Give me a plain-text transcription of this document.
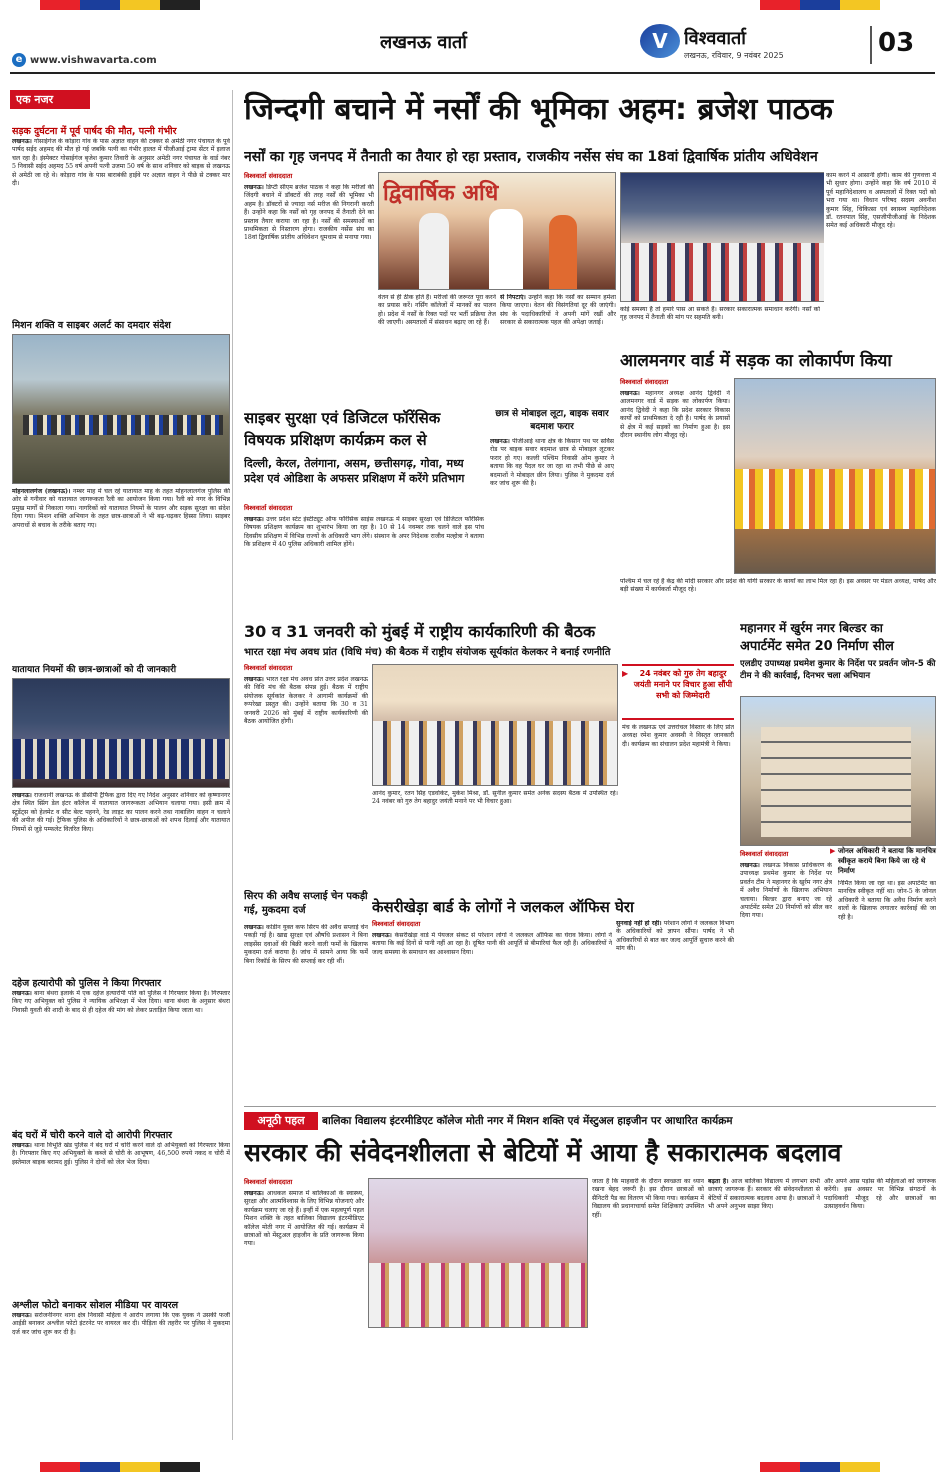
e www.vishwavarta.com
लखनऊ वार्ता	V विश्ववार्ता
लखनऊ, रविवार, 9 नवंबर 2025	03
एक नजर
सड़क दुर्घटना में पूर्व पार्षद की मौत, पत्नी गंभीर
लखनऊ। गोसाईगंज के कोड़ारा गांव के पास अज्ञात वाहन की टक्कर से अमेठी नगर पंचायत के पूर्व पार्षद सईद अहमद की मौत हो गई जबकि पत्नी का गंभीर हालत में पीजीआई ट्रामा सेंटर में इलाज चल रहा है। इंस्पेक्टर गोसाईगंज बृजेश कुमार तिवारी के अनुसार अमेठी नगर पंचायत के वार्ड नंबर 5 निवासी सईद अहमद 55 वर्ष अपनी पत्नी उजमा 50 वर्ष के साथ शनिवार को बाइक से लखनऊ से अमेठी जा रहे थे। कोड़ारा गांव के पास बाराबंकी हाईवे पर अज्ञात वाहन ने पीछे से टक्कर मार दी।
मिशन शक्ति व साइबर अलर्ट का दमदार संदेश
मोहनलालगंज (लखनऊ)। नम्बर माह में चल रहे यातायात माह के तहत मोहनलालगंज पुलिस की ओर से गनीवार को यातायात जागरूकता रैली का आयोजन किया गया। रैली को नगर के विभिन्न प्रमुख मार्गों से निकाला गया। नागरिकों को यातायात नियमों के पालन और सड़क सुरक्षा का संदेश दिया गया। मिशन शक्ति अभियान के तहत छात्र-छात्राओं ने भी बढ़-चढ़कर हिस्सा लिया। साइबर अपराधों से बचाव के तरीके बताए गए।
यातायात नियमों की छात्र-छात्राओं को दी जानकारी
लखनऊ। राजधानी लखनऊ के डीसीपी ट्रैफिक द्वारा दिए गए निर्देश अनुसार शनिवार को कृष्णानगर क्षेत्र स्थित स्प्रिंग डेल इंटर कॉलेज में यातायात जागरूकता अभियान चलाया गया। इसी क्रम में स्टूडेंट्स को हेलमेट व सीट बेल्ट पहनने, रेड लाइट का पालन करने तथा नाबालिग वाहन न चलाने की अपील की गई। ट्रैफिक पुलिस के अधिकारियों ने छात्र-छात्राओं को शपथ दिलाई और यातायात नियमों से जुड़े पम्फलेट वितरित किए।
दहेज हत्यारोपी को पुलिस ने किया गिरफ्तार
लखनऊ। बाना बंथरा इलाके में एक दहेज हत्यारोपी पति को पुलिस ने गिरफ्तार किया है। गिरफ्तार किए गए अभियुक्त को पुलिस ने न्यायिक अभिरक्षा में भेज दिया। थाना बंथरा के अनुसार बंथरा निवासी युवती की शादी के बाद से ही दहेज की मांग को लेकर प्रताड़ित किया जाता था।
बंद घरों में चोरी करने वाले दो आरोपी गिरफ्तार
लखनऊ। थाना विभूति खंड पुलिस ने बंद घरों में चोरी करने वाले दो अभियुक्तों को गिरफ्तार किया है। गिरफ्तार किए गए अभियुक्तों के कब्जे से चोरी के आभूषण, 46,500 रुपये नकद व चोरी में इस्तेमाल बाइक बरामद हुई। पुलिस ने दोनों को जेल भेज दिया।
अश्लील फोटो बनाकर सोशल मीडिया पर वायरल
लखनऊ। सरोजनीनगर थाना क्षेत्र निवासी महिला ने आरोप लगाया कि एक युवक ने उसकी फर्जी आईडी बनाकर अश्लील फोटो इंटरनेट पर वायरल कर दी। पीड़िता की तहरीर पर पुलिस ने मुकदमा दर्ज कर जांच शुरू कर दी है।
जिन्दगी बचाने में नर्सों की भूमिका अहम: ब्रजेश पाठक
नर्सों का गृह जनपद में तैनाती का तैयार हो रहा प्रस्ताव, राजकीय नर्सेस संघ का 18वां द्विवार्षिक प्रांतीय अधिवेशन
विश्ववार्ता संवाददाता
लखनऊ। डिप्टी सीएम ब्रजेश पाठक ने कहा कि मरीजों की जिंदगी बचाने में डॉक्टरों की तरह नर्सों की भूमिका भी अहम है। डॉक्टरों से ज्यादा नर्स मरीज की निगरानी करती हैं। उन्होंने कहा कि नर्सों को गृह जनपद में तैनाती देने का प्रस्ताव तैयार कराया जा रहा है। नर्सों की समस्याओं का प्राथमिकता से निस्तारण होगा। राजकीय नर्सेस संघ का 18वां द्विवार्षिक प्रांतीय अधिवेशन धूमधाम से मनाया गया।
द्विवार्षिक अधि
वेतन से ही ठीक होते हैं। मरीजों की जरूरत पूरा करने का प्रयास करें। नर्सिंग कॉलेजों में मानकों का पालन हो। प्रदेश में नर्सों के रिक्त पदों पर भर्ती प्रक्रिया तेज की जाएगी। अस्पतालों में संसाधन बढ़ाए जा रहे हैं।
से निपटाएं। उन्होंने कहा कि नर्सों का सम्मान हमेशा किया जाएगा। वेतन की विसंगतियां दूर की जाएंगी। संघ के पदाधिकारियों ने अपनी मांगें रखीं और सरकार से सकारात्मक पहल की अपेक्षा जताई।
कोई समस्या है तो हमारे पास आ सकते हैं। सरकार सकारात्मक समाधान करेगी। नर्सों को गृह जनपद में तैनाती की मांग पर सहमति बनी।
काम करने में आसानी होगी। काम की गुणवत्ता में भी सुधार होगा। उन्होंने कहा कि वर्ष 2010 में पूर्व महानिदेशालय व अस्पतालों में रिक्त पदों को भरा गया था। विधान परिषद सदस्य अवनीश कुमार सिंह, चिकित्सा एवं स्वास्थ्य महानिदेशक डॉ. रतनपाल सिंह, एसजीपीजीआई के निदेशक समेत कई अधिकारी मौजूद रहे।
साइबर सुरक्षा एवं डिजिटल फॉरेंसिक
विषयक प्रशिक्षण कार्यक्रम कल से
दिल्ली, केरल, तेलंगाना, असम, छत्तीसगढ़, गोवा, मध्य प्रदेश एवं ओडिशा के अफसर प्रशिक्षण में करेंगे प्रतिभाग
विश्ववार्ता संवाददाता
लखनऊ। उत्तर प्रदेश स्टेट इंस्टीट्यूट ऑफ फॉरेंसिक साइंस लखनऊ में साइबर सुरक्षा एवं डिजिटल फॉरेंसिक विषयक प्रशिक्षण कार्यक्रम का शुभारंभ किया जा रहा है। 10 से 14 नवम्बर तक चलने वाले इस पांच दिवसीय प्रशिक्षण में विभिन्न राज्यों के अधिकारी भाग लेंगे। संस्थान के अपर निदेशक राजीव मल्होत्रा ने बताया कि प्रशिक्षण में 40 पुलिस अधिकारी शामिल होंगे।
छात्र से मोबाइल लूटा, बाइक सवार बदमाश फरार
लखनऊ। पीजीआई थाना क्षेत्र के किसान पथ पर सर्विस रोड पर बाइक सवार बदमाश छात्र से मोबाइल लूटकर फरार हो गए। कल्ली पश्चिम निवासी ओम कुमार ने बताया कि वह पैदल घर जा रहा था तभी पीछे से आए बदमाशों ने मोबाइल छीन लिया। पुलिस ने मुकदमा दर्ज कर जांच शुरू की है।
आलमनगर वार्ड में सड़क का लोकार्पण किया
विश्ववार्ता संवाददाता
लखनऊ। महानगर अध्यक्ष आनंद द्विवेदी ने आलमनगर वार्ड में सड़क का लोकार्पण किया। आनंद द्विवेदी ने कहा कि प्रदेश सरकार विकास कार्यों को प्राथमिकता दे रही है। पार्षद के प्रयासों से क्षेत्र में कई सड़कों का निर्माण हुआ है। इस दौरान स्थानीय लोग मौजूद रहे।
पश्चिम में चल रहे हैं केंद्र की मोदी सरकार और प्रदेश की योगी सरकार के कार्यों का लाभ मिल रहा है। इस अवसर पर मंडल अध्यक्ष, पार्षद और बड़ी संख्या में कार्यकर्ता मौजूद रहे।
30 व 31 जनवरी को मुंबई में राष्ट्रीय कार्यकारिणी की बैठक
भारत रक्षा मंच अवध प्रांत (विधि मंच) की बैठक में राष्ट्रीय संयोजक सूर्यकांत केलकर ने बनाई रणनीति
विश्ववार्ता संवाददाता
लखनऊ। भारत रक्षा मंच अवध प्रांत उत्तर प्रदेश लखनऊ की विधि मंच की बैठक संपन्न हुई। बैठक में राष्ट्रीय संयोजक सूर्यकांत केलकर ने आगामी कार्यक्रमों की रूपरेखा प्रस्तुत की। उन्होंने बताया कि 30 व 31 जनवरी 2026 को मुंबई में राष्ट्रीय कार्यकारिणी की बैठक आयोजित होगी।
▶	24 नवंबर को गुरु तेग बहादुर जयंती मनाने पर विचार हुआ सौंपी सभी को जिम्मेदारी
मंच के लखनऊ एवं उत्तरांचल विस्तार के लिए प्रांत अध्यक्ष रमेश कुमार अवस्थी ने विस्तृत जानकारी दी। कार्यक्रम का संचालन प्रदेश महामंत्री ने किया।
आनंद कुमार, रतन सिंह एडवोकेट, मुकेश मिश्रा, डॉ. सुनील कुमार समेत अनेक सदस्य बैठक में उपस्थित रहे। 24 नवंबर को गुरु तेग बहादुर जयंती मनाने पर भी विचार हुआ।
महानगर में खुर्रम नगर बिल्डर का
अपार्टमेंट समेत 20 निर्माण सील
एलडीए उपाध्यक्ष प्रथमेश कुमार के निर्देश पर प्रवर्तन जोन-5 की टीम ने की कार्रवाई, दिनभर चला अभियान
विश्ववार्ता संवाददाता	▶ जोनल अधिकारी ने बताया कि मानचित्र स्वीकृत कराये बिना किये जा रहे थे निर्माण
लखनऊ। लखनऊ विकास प्राधिकरण के उपाध्यक्ष प्रथमेश कुमार के निर्देश पर प्रवर्तन टीम ने महानगर के खुर्रम नगर क्षेत्र में अवैध निर्माणों के खिलाफ अभियान चलाया। बिल्डर द्वारा बनाए जा रहे अपार्टमेंट समेत 20 निर्माणों को सील कर दिया गया।
निर्मित किया जा रहा था। इस अपार्टमेंट का मानचित्र स्वीकृत नहीं था। जोन-5 के जोनल अधिकारी ने बताया कि अवैध निर्माण करने वालों के खिलाफ लगातार कार्रवाई की जा रही है।
सिरप की अवैध सप्लाई चेन पकड़ी गई, मुकदमा दर्ज
लखनऊ। कोडीन युक्त कफ सिरप की अवैध सप्लाई चेन पकड़ी गई है। खाद्य सुरक्षा एवं औषधि प्रशासन ने बिना लाइसेंस दवाओं की बिक्री करने वाली फर्मों के खिलाफ मुकदमा दर्ज कराया है। जांच में सामने आया कि फर्में बिना रिकॉर्ड के सिरप की सप्लाई कर रही थीं।
केसरीखेड़ा बार्ड के लोगों ने जलकल ऑफिस घेरा
विश्ववार्ता संवाददाता
लखनऊ। केसरीखेड़ा वार्ड में पेयजल संकट से परेशान लोगों ने जलकल ऑफिस का घेराव किया। लोगों ने बताया कि कई दिनों से पानी नहीं आ रहा है। दूषित पानी की आपूर्ति से बीमारियां फैल रही हैं। अधिकारियों ने जल्द समस्या के समाधान का आश्वासन दिया।
सुनवाई नहीं हो रही। परेशान लोगों ने जलकल विभाग के अधिकारियों को ज्ञापन सौंपा। पार्षद ने भी अधिकारियों से बात कर जल्द आपूर्ति सुचारु करने की मांग की।
अनूठी पहल	बालिका विद्यालय इंटरमीडिएट कॉलेज मोती नगर में मिशन शक्ति एवं मेंस्टुअल हाइजीन पर आधारित कार्यक्रम
सरकार की संवेदनशीलता से बेटियों में आया है सकारात्मक बदलाव
विश्ववार्ता संवाददाता
लखनऊ। आधकल समाज में बालिकाओं के स्वास्थ्य, सुरक्षा और आत्मविश्वास के लिए विभिन्न योजनाएं और कार्यक्रम चलाए जा रहे हैं। इन्हीं में एक महत्वपूर्ण पहल मिशन शक्ति के तहत बालिका विद्यालय इंटरमीडिएट कॉलेज मोती नगर में आयोजित की गई। कार्यक्रम में छात्राओं को मेंस्टुअल हाइजीन के प्रति जागरूक किया गया।
जाता है कि माहवारी के दौरान स्वच्छता का ध्यान रखना बेहद जरूरी है। इस दौरान छात्राओं को सैनिटरी पैड का वितरण भी किया गया। कार्यक्रम में विद्यालय की प्रधानाचार्या समेत शिक्षिकाएं उपस्थित रहीं।
बढ़ता है। आज बालिका विद्यालय में लगभग सभी छात्राएं जागरूक हैं। सरकार की संवेदनशीलता से बेटियों में सकारात्मक बदलाव आया है। छात्राओं ने भी अपने अनुभव साझा किए।
और अपने आस पड़ोस की महिलाओं को जागरूक करेंगी। इस अवसर पर विभिन्न संगठनों के पदाधिकारी मौजूद रहे और छात्राओं का उत्साहवर्धन किया।
